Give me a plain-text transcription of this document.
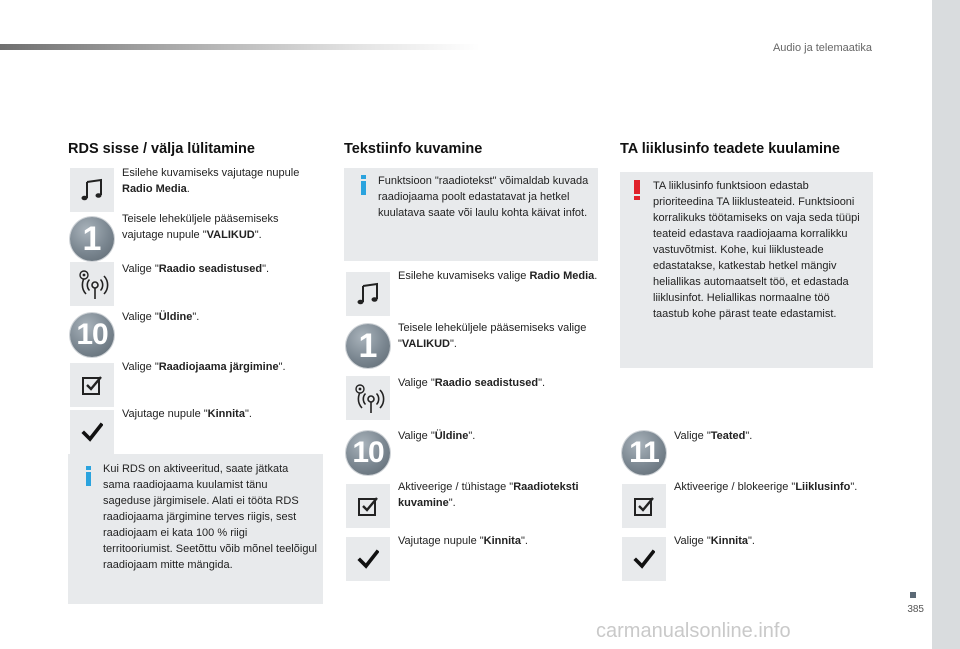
Audio ja telemaatika
385
carmanualsonline.info
RDS sisse / välja lülitamine
Esilehe kuvamiseks vajutage nupule Radio Media.
1
Teisele leheküljele pääsemiseks vajutage nupule "VALIKUD".
Valige "Raadio seadistused".
10
Valige "Üldine".
Valige "Raadiojaama järgimine".
Vajutage nupule "Kinnita".
Kui RDS on aktiveeritud, saate jätkata sama raadiojaama kuulamist tänu sageduse järgimisele. Alati ei tööta RDS raadiojaama järgimine terves riigis, sest raadiojaam ei kata 100 % riigi territooriumist. Seetõttu võib mõnel teelõigul raadiojaam mitte mängida.
Tekstiinfo kuvamine
Funktsioon "raadiotekst" võimaldab kuvada raadiojaama poolt edastatavat ja hetkel kuulatava saate või laulu kohta käivat infot.
Esilehe kuvamiseks valige Radio Media.
1	Teisele leheküljele pääsemiseks valige "VALIKUD".
Valige "Raadio seadistused".
10	Valige "Üldine".
Aktiveerige / tühistage "Raadioteksti kuvamine".
Vajutage nupule "Kinnita".
TA liiklusinfo teadete kuulamine
TA liiklusinfo funktsioon edastab prioriteedina TA liiklusteateid. Funktsiooni korralikuks töötamiseks on vaja seda tüüpi teateid edastava raadiojaama korralikku vastuvõtmist. Kohe, kui liiklusteade edastatakse, katkestab hetkel mängiv heliallikas automaatselt töö, et edastada liiklusinfot. Heliallikas normaalne töö taastub kohe pärast teate edastamist.
11	Valige "Teated".
Aktiveerige / blokeerige "Liiklusinfo".
Valige "Kinnita".
